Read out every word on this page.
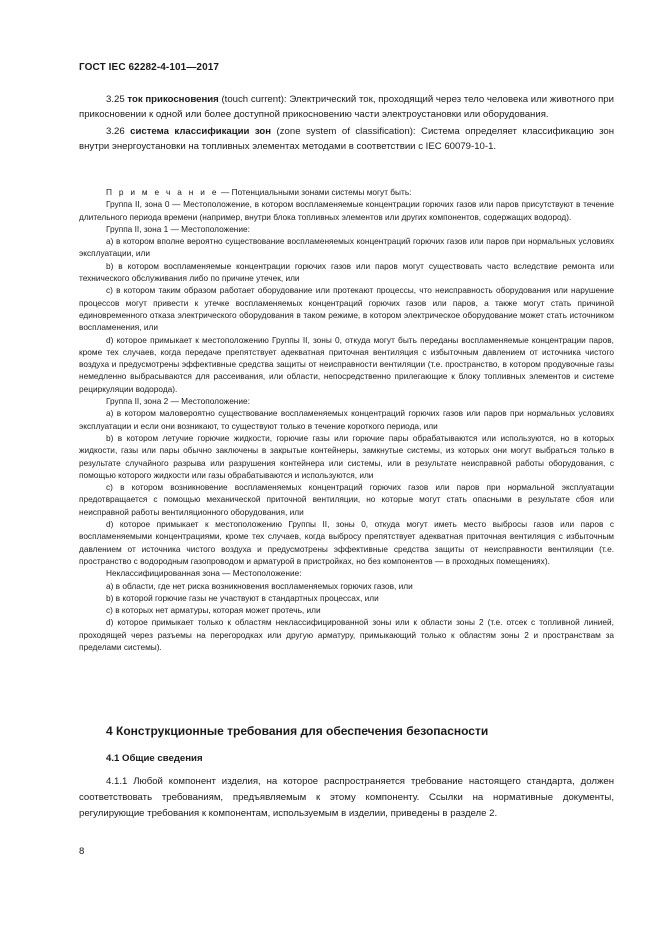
ГОСТ IEC 62282-4-101—2017

3.25 ток прикосновения (touch current): Электрический ток, проходящий через тело человека или животного при прикосновении к одной или более доступной прикосновению части электроустановки или оборудования.

3.26 система классификации зон (zone system of classification): Система определяет классификацию зон внутри энергоустановки на топливных элементах методами в соответствии с IEC 60079-10-1.

П р и м е ч а н и е — Потенциальными зонами системы могут быть:

Группа II, зона 0 — Местоположение, в котором воспламеняемые концентрации горючих газов или паров присутствуют в течение длительного периода времени (например, внутри блока топливных элементов или других компонентов, содержащих водород).

Группа II, зона 1 — Местоположение:

a) в котором вполне вероятно существование воспламеняемых концентраций горючих газов или паров при нормальных условиях эксплуатации, или

b) в котором воспламеняемые концентрации горючих газов или паров могут существовать часто вследствие ремонта или технического обслуживания либо по причине утечек, или

c) в котором таким образом работает оборудование или протекают процессы, что неисправность оборудования или нарушение процессов могут привести к утечке воспламеняемых концентраций горючих газов или паров, а также могут стать причиной единовременного отказа электрического оборудования в таком режиме, в котором электрическое оборудование может стать источником воспламенения, или

d) которое примыкает к местоположению Группы II, зоны 0, откуда могут быть переданы воспламеняемые концентрации паров, кроме тех случаев, когда передаче препятствует адекватная приточная вентиляция с избыточным давлением от источника чистого воздуха и предусмотрены эффективные средства защиты от неисправности вентиляции (т.е. пространство, в котором продувочные газы немедленно выбрасываются для рассеивания, или области, непосредственно прилегающие к блоку топливных элементов и системе рециркуляции водорода).

Группа II, зона 2 — Местоположение:

a) в котором маловероятно существование воспламеняемых концентраций горючих газов или паров при нормальных условиях эксплуатации и если они возникают, то существуют только в течение короткого периода, или

b) в котором летучие горючие жидкости, горючие газы или горючие пары обрабатываются или используются, но в которых жидкости, газы или пары обычно заключены в закрытые контейнеры, замкнутые системы, из которых они могут выбраться только в результате случайного разрыва или разрушения контейнера или системы, или в результате неисправной работы оборудования, с помощью которого жидкости или газы обрабатываются и используются, или

c) в котором возникновение воспламеняемых концентраций горючих газов или паров при нормальной эксплуатации предотвращается с помощью механической приточной вентиляции, но которые могут стать опасными в результате сбоя или неисправной работы вентиляционного оборудования, или

d) которое примыкает к местоположению Группы II, зоны 0, откуда могут иметь место выбросы газов или паров с воспламеняемыми концентрациями, кроме тех случаев, когда выбросу препятствует адекватная приточная вентиляция с избыточным давлением от источника чистого воздуха и предусмотрены эффективные средства защиты от неисправности вентиляции (т.е. пространство с водородным газопроводом и арматурой в пристройках, но без компонентов — в проходных помещениях).

Неклассифицированная зона — Местоположение:

a) в области, где нет риска возникновения воспламеняемых горючих газов, или

b) в которой горючие газы не участвуют в стандартных процессах, или

c) в которых нет арматуры, которая может протечь, или

d) которое примыкает только к областям неклассифицированной зоны или к области зоны 2 (т.е. отсек с топливной линией, проходящей через разъемы на перегородках или другую арматуру, примыкающий только к областям зоны 2 и пространствам за пределами системы).

4 Конструкционные требования для обеспечения безопасности
4.1 Общие сведения

4.1.1 Любой компонент изделия, на которое распространяется требование настоящего стандарта, должен соответствовать требованиям, предъявляемым к этому компоненту. Ссылки на нормативные документы, регулирующие требования к компонентам, используемым в изделии, приведены в разделе 2.

8
